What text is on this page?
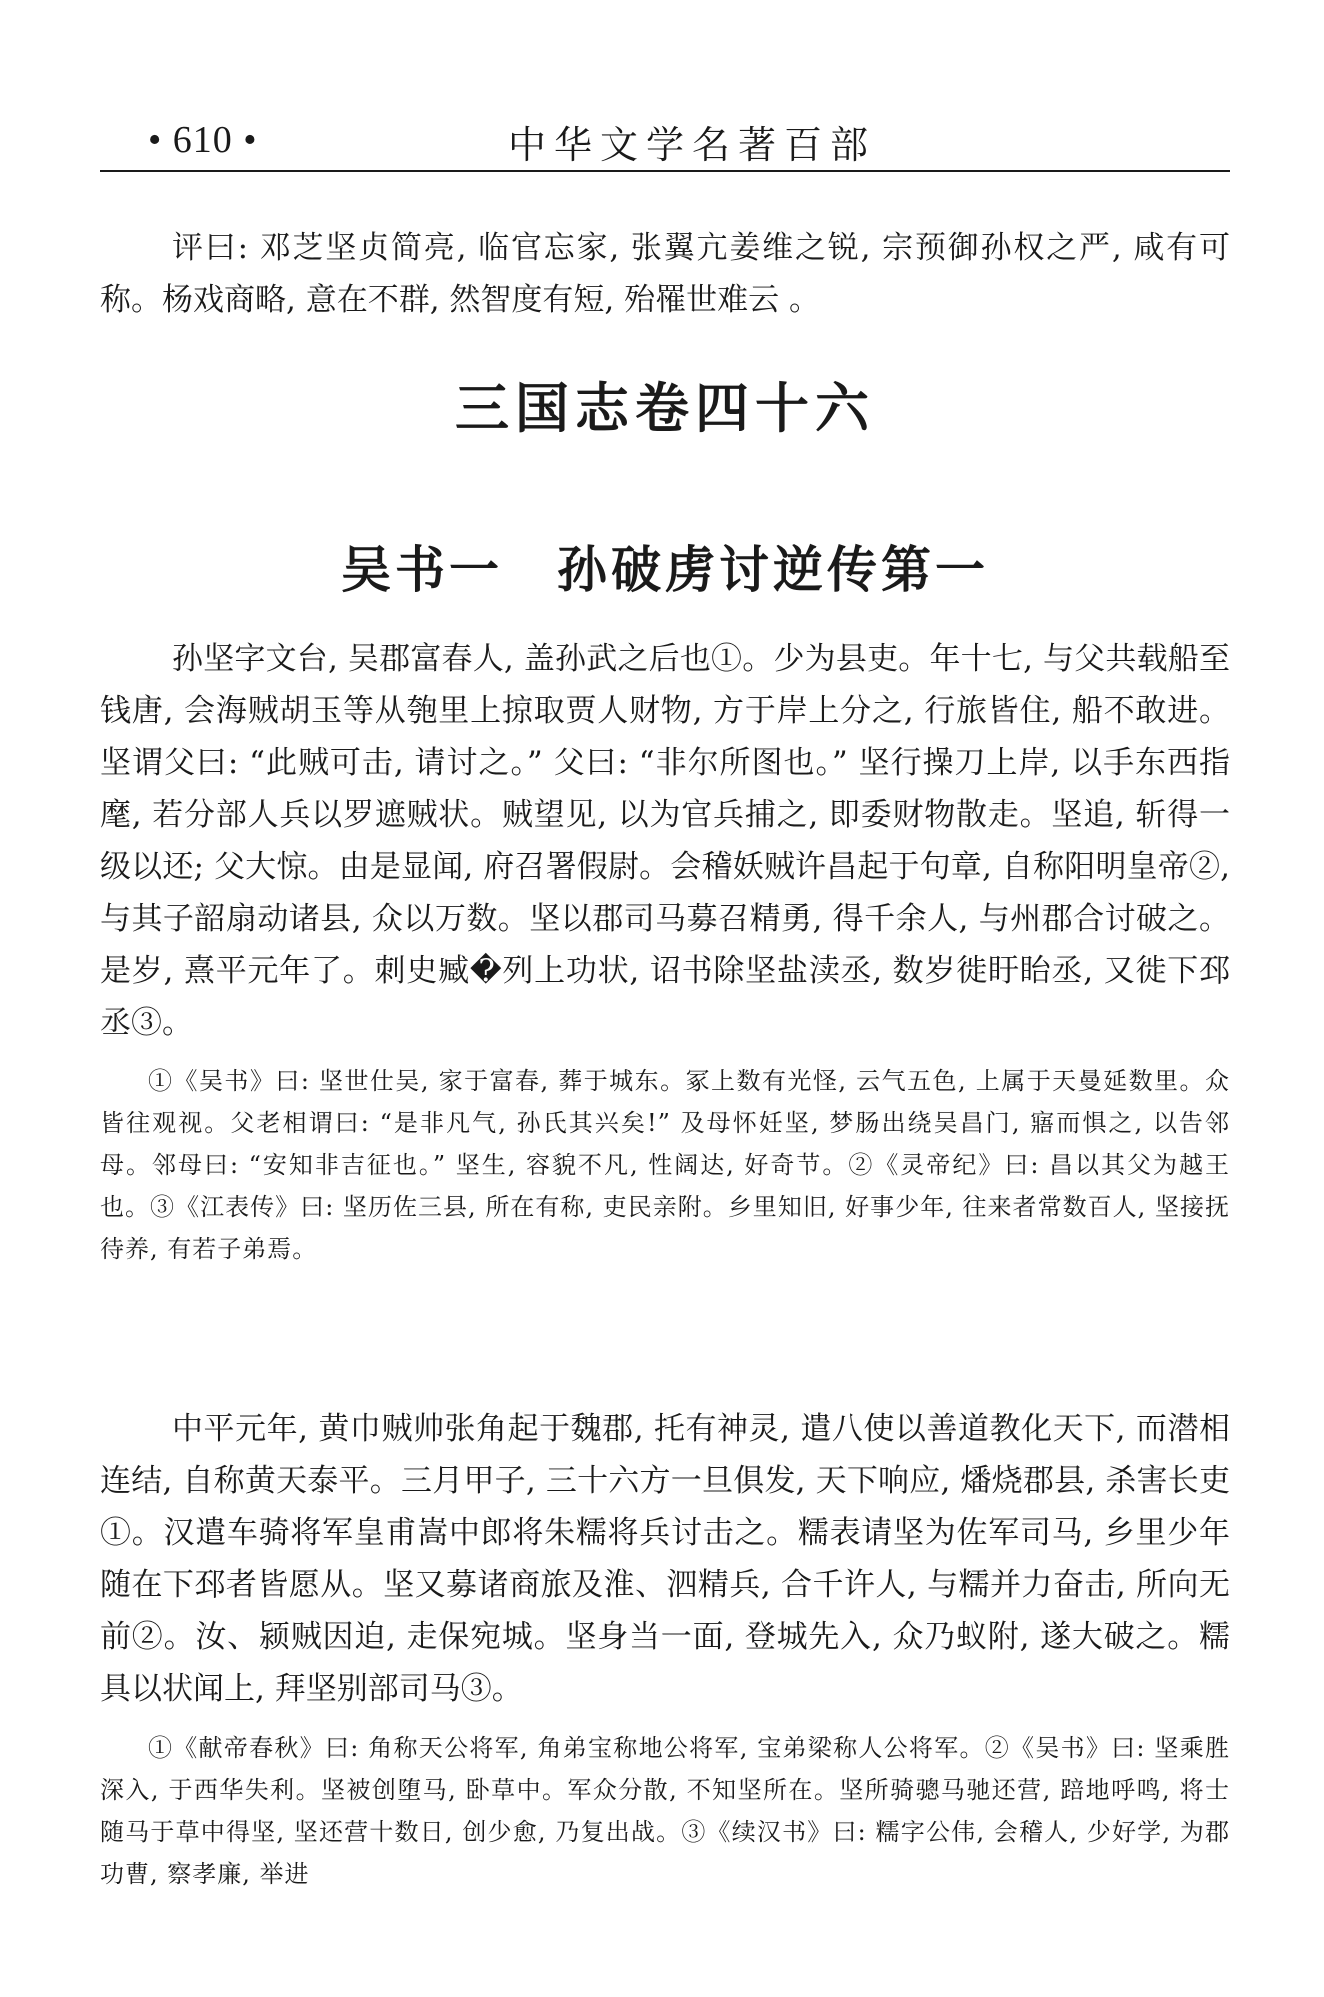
• 610 •	中华文学名著百部

评曰: 邓芝坚贞简亮, 临官忘家, 张翼亢姜维之锐, 宗预御孙权之严, 咸有可称。杨戏商略, 意在不群, 然智度有短, 殆罹世难云 。

三国志卷四十六
吴书一　孙破虏讨逆传第一

孙坚字文台, 吴郡富春人, 盖孙武之后也①。少为县吏。年十七, 与父共载船至钱唐, 会海贼胡玉等从匏里上掠取贾人财物, 方于岸上分之, 行旅皆住, 船不敢进。坚谓父曰: “此贼可击, 请讨之。” 父曰: “非尔所图也。” 坚行操刀上岸, 以手东西指麾, 若分部人兵以罗遮贼状。贼望见, 以为官兵捕之, 即委财物散走。坚追, 斩得一级以还; 父大惊。由是显闻, 府召署假尉。会稽妖贼许昌起于句章, 自称阳明皇帝②, 与其子韶扇动诸县, 众以万数。坚以郡司马募召精勇, 得千余人, 与州郡合讨破之。是岁, 熹平元年了。刺史臧�列上功状, 诏书除坚盐渎丞, 数岁徙盱眙丞, 又徙下邳丞③。

①《吴书》曰: 坚世仕吴, 家于富春, 葬于城东。冢上数有光怪, 云气五色, 上属于天曼延数里。众皆往观视。父老相谓曰: “是非凡气, 孙氏其兴矣!” 及母怀妊坚, 梦肠出绕吴昌门, 寤而惧之, 以告邻母。邻母曰: “安知非吉征也。” 坚生, 容貌不凡, 性阔达, 好奇节。②《灵帝纪》曰: 昌以其父为越王也。③《江表传》曰: 坚历佐三县, 所在有称, 吏民亲附。乡里知旧, 好事少年, 往来者常数百人, 坚接抚待养, 有若子弟焉。

中平元年, 黄巾贼帅张角起于魏郡, 托有神灵, 遣八使以善道教化天下, 而潜相连结, 自称黄天泰平。三月甲子, 三十六方一旦俱发, 天下响应, 燔烧郡县, 杀害长吏①。汉遣车骑将军皇甫嵩中郎将朱糯将兵讨击之。糯表请坚为佐军司马, 乡里少年随在下邳者皆愿从。坚又募诸商旅及淮、泗精兵, 合千许人, 与糯并力奋击, 所向无前②。汝、颍贼因迫, 走保宛城。坚身当一面, 登城先入, 众乃蚁附, 遂大破之。糯具以状闻上, 拜坚别部司马③。

①《献帝春秋》曰: 角称天公将军, 角弟宝称地公将军, 宝弟梁称人公将军。②《吴书》曰: 坚乘胜深入, 于西华失利。坚被创堕马, 卧草中。军众分散, 不知坚所在。坚所骑骢马驰还营, 踣地呼鸣, 将士随马于草中得坚, 坚还营十数日, 创少愈, 乃复出战。③《续汉书》曰: 糯字公伟, 会稽人, 少好学, 为郡功曹, 察孝廉, 举进
